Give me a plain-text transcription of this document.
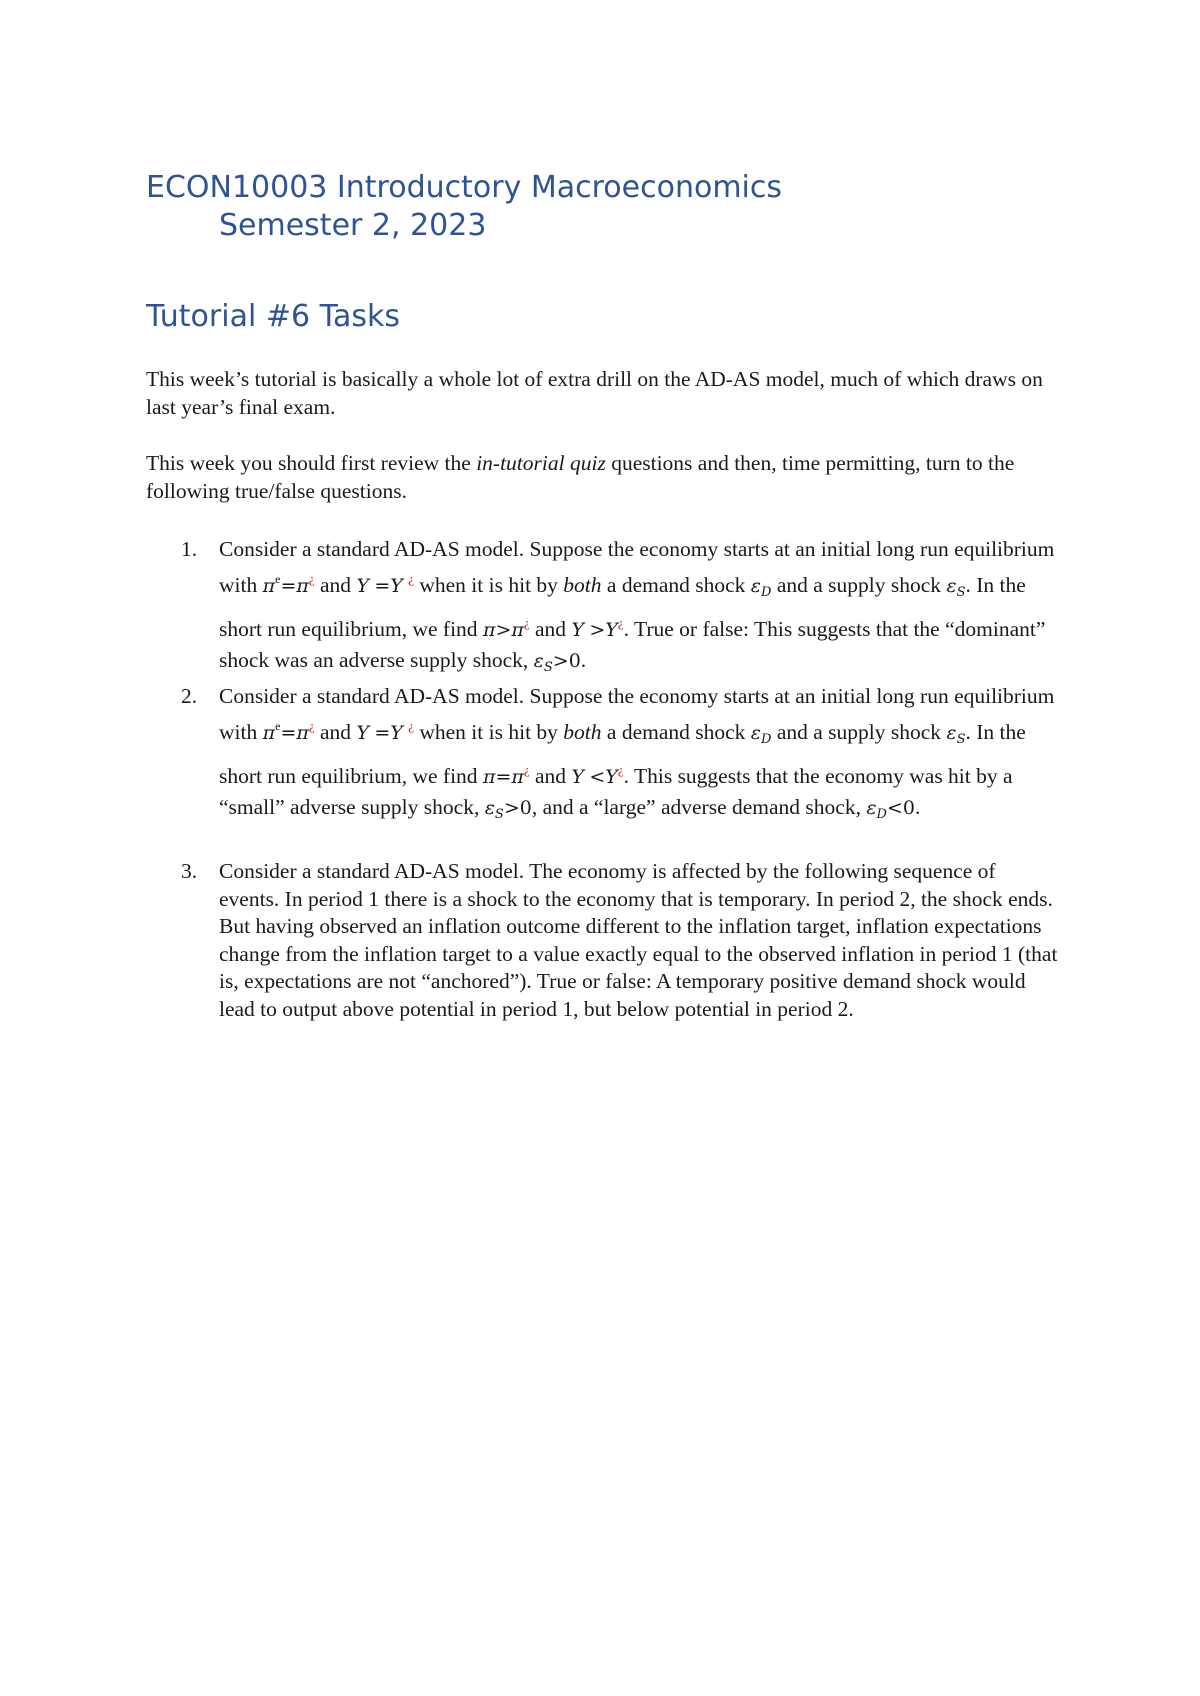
ECON10003 Introductory Macroeconomics
Semester 2, 2023
Tutorial #6 Tasks

This week’s tutorial is basically a whole lot of extra drill on the AD-AS model, much of which draws on last year’s final exam.

This week you should first review the in-tutorial quiz questions and then, time permitting, turn to the following true/false questions.

1.	Consider a standard AD-AS model. Suppose the economy starts at an initial long run equilibrium with $\pi^e=\pi^¿$ and Y =Y ¿ when it is hit by both a demand shock $\varepsilon_D$ and a supply shock $\varepsilon_S$. In the short run equilibrium, we find π>π¿ and Y >Y¿. True or false: This suggests that the “dominant” shock was an adverse supply shock, $\varepsilon_S>0$.
2.	Consider a standard AD-AS model. Suppose the economy starts at an initial long run equilibrium with $\pi^e=\pi^¿$ and Y =Y ¿ when it is hit by both a demand shock $\varepsilon_D$ and a supply shock $\varepsilon_S$. In the short run equilibrium, we find π=π¿ and Y <Y¿. This suggests that the economy was hit by a “small” adverse supply shock, $\varepsilon_S>0$, and a “large” adverse demand shock, $\varepsilon_D<0$.
3.	Consider a standard AD-AS model. The economy is affected by the following sequence of events. In period 1 there is a shock to the economy that is temporary. In period 2, the shock ends. But having observed an inflation outcome different to the inflation target, inflation expectations change from the inflation target to a value exactly equal to the observed inflation in period 1 (that is, expectations are not “anchored”). True or false: A temporary positive demand shock would lead to output above potential in period 1, but below potential in period 2.
